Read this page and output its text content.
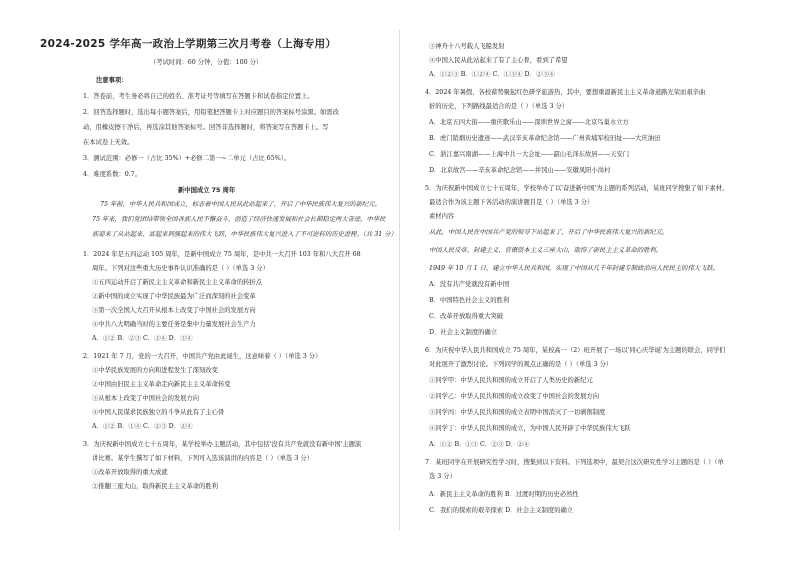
2024-2025 学年高一政治上学期第三次月考卷（上海专用）
（考试时间：60 分钟，分值：100 分）
注意事项：
1．答卷前，考生务必将自己的姓名、准考证号等填写在答题卡和试卷指定位置上。
2．回答选择题时，选出每小题答案后，用铅笔把答题卡上对应题目的答案标号涂黑。如需改
动，用橡皮擦干净后，再选涂其他答案标号。回答非选择题时，将答案写在答题卡上。写
在本试卷上无效。
3．测试范围：必修一（占比 35%）+必修二第一~二单元（占比 65%）。
4．难度系数：0.7。
新中国成立 75 周年
75 年前，中华人民共和国成立，标志着中国人民从此站起来了，开启了中华民族伟大复兴的新纪元。
75 年来，我们党团结带领全国各族人民不懈奋斗，创造了经济快速发展和社会长期稳定两大奇迹，中华民
族迎来了从站起来、富起来到强起来的伟大飞跃，中华民族伟大复兴进入了不可逆转的历史进程。（共 31 分）
1．2024 年是五四运动 105 周年，是新中国成立 75 周年，是中共一大召开 103 年和八大召开 68
周年。下列对这些重大历史事件认识准确的是（ ）（单选 3 分）
①五四运动开启了新民主主义革命和新民主主义革命的转折点
②新中国的成立实现了中华民族最为广泛而深刻的社会变革
③第一次全国人大召开从根本上改变了中国社会的发展方向
④中共八大明确当时的主要任务是集中力量发展社会生产力
A．①② B．②③ C．①④ D．③④
2．1921 年 7 月，党的一大召开，中国共产党由此诞生，这意味着（ ）（单选 3 分）
①中华民族发展的方向和进程发生了深刻改变
②中国由旧民主主义革命走向新民主主义革命转变
③从根本上改变了中国社会的发展方向
④中国人民谋求民族独立的斗争从此有了主心骨
A．①② B．①④ C．②③ D．②④
3．为庆祝新中国成立七十五周年，某学校举办主题活动，其中包括'没有共产党就没有新中国'主题演
讲比赛。某学生撰写了如下材料，下列可入选该演讲的内容是（ ）（单选 3 分）
①改革开放取得的重大成就
②推翻三座大山，取得新民主主义革命的胜利
③神舟十八号载人飞船发射
④中国人民从此站起来了有了主心骨，看到了希望
A．①②③ B．①②④ C．①③④ D．②③④
4．2024 年暑假，各校蓄势聚起红色研学旅游热，其中，要想重温新民主主义革命道路光荣而艰辛曲
折的历史，下列路线最适合的是（ ）（单选 3 分）
A．北京五四大街——重庆歌乐山——深圳世界之窗——北京鸟巢水立方
B．虎门销烟历史遗迹——武汉辛亥革命纪念馆——广州黄埔军校旧址——大庆油田
C．浙江嘉兴南湖——上海中共一大会址——韶山毛泽东故居——天安门
D．北京故宫——辛亥革命纪念馆——井冈山——安徽凤阳小岗村
5．为庆祝新中国成立七十五周年，学校举办了以'奋进新中国'为主题的系列活动，某班同学搜集了如下素材。
最适合作为该主题下各活动的演讲题目是（ ）（单选 3 分）
素材内容
从此，中国人民在中国共产党的领导下站起来了，开启了中华民族伟大复兴的新纪元。
中国人民反帝、封建主义、官僚资本主义三座大山，取得了新民主主义革命的胜利。
1949 年 10 月 1 日，建立中华人民共和国，实现了中国从几千年封建专制政治向人民民主的伟大飞跃。
A．没有共产党就没有新中国
B．中国特色社会主义的胜利
C．改革开放取得重大突破
D．社会主义制度的确立
6．为庆祝中华人民共和国成立 75 周年，某校高一（2）班开展了一场以'同心庆华诞'为主题的联会，同学们
对此展开了激烈讨论。下列同学的观点正确的是（ ）（单选 3 分）
①同学甲：中华人民共和国的成立开启了人类历史的新纪元
②同学乙：中华人民共和国的成立改变了中国社会的发展方向
③同学丙：中华人民共和国的成立表明中国消灭了一切剥削制度
④同学丁：中华人民共和国的成立，为中国人民开辟了中华民族伟大飞跃
A．①② B．①③ C．②③ D．②④
7．某班同学在开展研究性学习时，搜集到以下资料。下列选项中，最契合这次研究性学习主题的是（ ）（单
选 3 分）
A．新民主主义革命的胜利 B．过渡时期的历史必然性
C．我们的探索的艰辛探索 D．社会主义制度的确立
